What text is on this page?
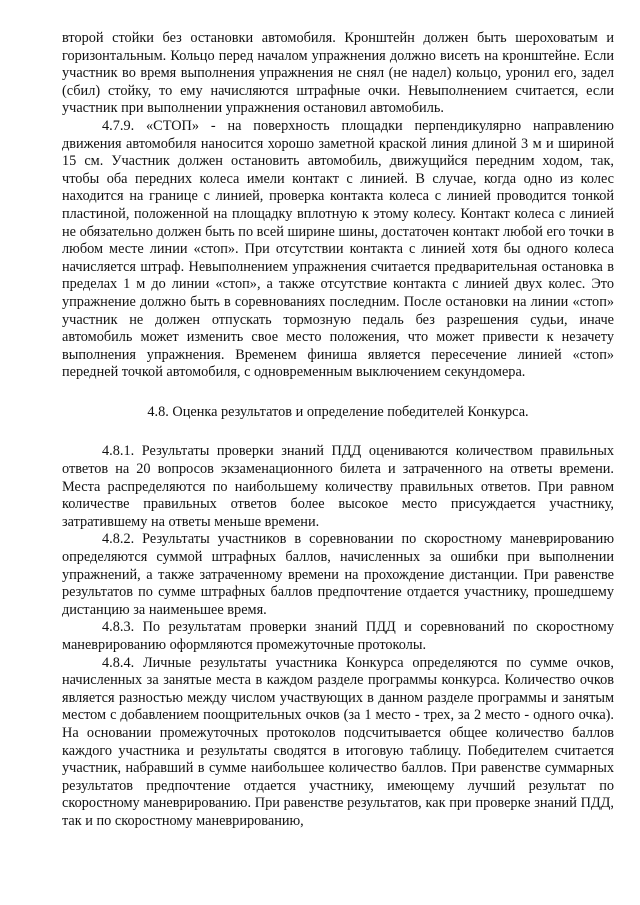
второй стойки без остановки автомобиля. Кронштейн должен быть шероховатым и горизонтальным. Кольцо перед началом упражнения должно висеть на кронштейне. Если участник во время выполнения упражнения не снял (не надел) кольцо, уронил его, задел (сбил) стойку, то ему начисляются штрафные очки. Невыполнением считается, если участник при выполнении упражнения остановил автомобиль.

4.7.9. «СТОП» - на поверхность площадки перпендикулярно направлению движения автомобиля наносится хорошо заметной краской линия длиной 3 м и шириной 15 см. Участник должен остановить автомобиль, движущийся передним ходом, так, чтобы оба передних колеса имели контакт с линией. В случае, когда одно из колес находится на границе с линией, проверка контакта колеса с линией проводится тонкой пластиной, положенной на площадку вплотную к этому колесу. Контакт колеса с линией не обязательно должен быть по всей ширине шины, достаточен контакт любой его точки в любом месте линии «стоп». При отсутствии контакта с линией хотя бы одного колеса начисляется штраф. Невыполнением упражнения считается предварительная остановка в пределах 1 м до линии «стоп», а также отсутствие контакта с линией двух колес. Это упражнение должно быть в соревнованиях последним. После остановки на линии «стоп» участник не должен отпускать тормозную педаль без разрешения судьи, иначе автомобиль может изменить свое место положения, что может привести к незачету выполнения упражнения. Временем финиша является пересечение линией «стоп» передней точкой автомобиля, с одновременным выключением секундомера.

4.8. Оценка результатов и определение победителей Конкурса.

4.8.1. Результаты проверки знаний ПДД оцениваются количеством правильных ответов на 20 вопросов экзаменационного билета и затраченного на ответы времени. Места распределяются по наибольшему количеству правильных ответов. При равном количестве правильных ответов более высокое место присуждается участнику, затратившему на ответы меньше времени.

4.8.2. Результаты участников в соревновании по скоростному маневрированию определяются суммой штрафных баллов, начисленных за ошибки при выполнении упражнений, а также затраченному времени на прохождение дистанции. При равенстве результатов по сумме штрафных баллов предпочтение отдается участнику, прошедшему дистанцию за наименьшее время.

4.8.3. По результатам проверки знаний ПДД и соревнований по скоростному маневрированию оформляются промежуточные протоколы.

4.8.4. Личные результаты участника Конкурса определяются по сумме очков, начисленных за занятые места в каждом разделе программы конкурса. Количество очков является разностью между числом участвующих в данном разделе программы и занятым местом с добавлением поощрительных очков (за 1 место - трех, за 2 место - одного очка). На основании промежуточных протоколов подсчитывается общее количество баллов каждого участника и результаты сводятся в итоговую таблицу. Победителем считается участник, набравший в сумме наибольшее количество баллов. При равенстве суммарных результатов предпочтение отдается участнику, имеющему лучший результат по скоростному маневрированию. При равенстве результатов, как при проверке знаний ПДД, так и по скоростному маневрированию,
